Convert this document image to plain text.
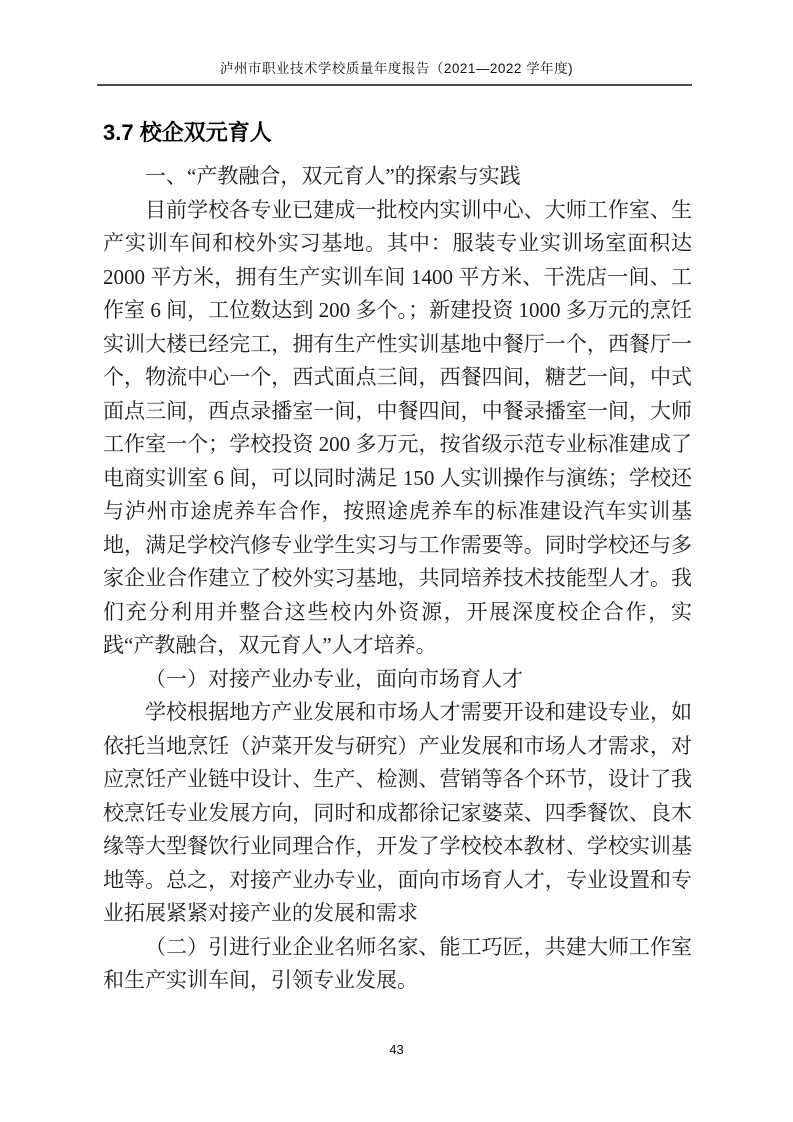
泸州市职业技术学校质量年度报告（2021—2022 学年度)
3.7 校企双元育人

一、“产教融合，双元育人”的探索与实践

目前学校各专业已建成一批校内实训中心、大师工作室、生产实训车间和校外实习基地。其中：服装专业实训场室面积达 2000 平方米，拥有生产实训车间 1400 平方米、干洗店一间、工作室 6 间，工位数达到 200 多个。；新建投资 1000 多万元的烹饪实训大楼已经完工，拥有生产性实训基地中餐厅一个，西餐厅一个，物流中心一个，西式面点三间，西餐四间，糖艺一间，中式面点三间，西点录播室一间，中餐四间，中餐录播室一间，大师工作室一个；学校投资 200 多万元，按省级示范专业标准建成了电商实训室 6 间，可以同时满足 150 人实训操作与演练；学校还与泸州市途虎养车合作，按照途虎养车的标准建设汽车实训基地，满足学校汽修专业学生实习与工作需要等。同时学校还与多家企业合作建立了校外实习基地，共同培养技术技能型人才。我们充分利用并整合这些校内外资源，开展深度校企合作，实践“产教融合，双元育人”人才培养。

（一）对接产业办专业，面向市场育人才

学校根据地方产业发展和市场人才需要开设和建设专业，如依托当地烹饪（泸菜开发与研究）产业发展和市场人才需求，对应烹饪产业链中设计、生产、检测、营销等各个环节，设计了我校烹饪专业发展方向，同时和成都徐记家婆菜、四季餐饮、良木缘等大型餐饮行业同理合作，开发了学校校本教材、学校实训基地等。总之，对接产业办专业，面向市场育人才，专业设置和专业拓展紧紧对接产业的发展和需求

（二）引进行业企业名师名家、能工巧匠，共建大师工作室和生产实训车间，引领专业发展。

43
